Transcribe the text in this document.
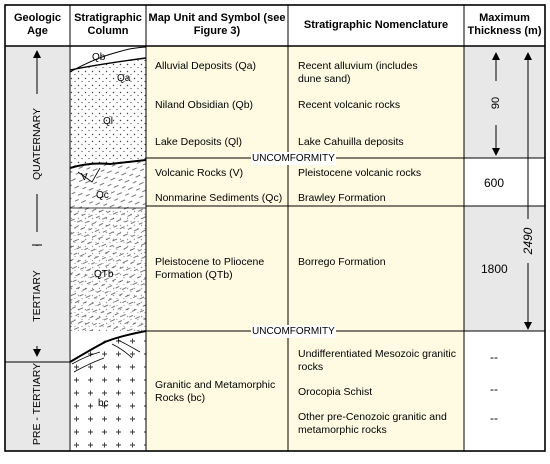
Geologic Age
Stratigraphic Column
Map Unit and Symbol (see Figure 3)	Stratigraphic Nomenclature
Maximum Thickness (m)
QUATERNARY
TERTIARY
PRE - TERTIARY
Qb
Qa
Ql
V
Qc
QTb
bc
Alluvial Deposits (Qa)
Niland Obsidian (Qb)
Lake Deposits (Ql)
Volcanic Rocks (V)
Nonmarine Sediments (Qc)
Pleistocene to Pliocene
Formation (QTb)
Granitic and Metamorphic
Rocks (bc)
Recent alluvium (includes
dune sand)
Recent volcanic rocks
Lake Cahuilla deposits
Pleistocene volcanic rocks
Brawley Formation
Borrego Formation
Undifferentiated Mesozoic granitic
rocks
Orocopia Schist
Other pre-Cenozoic granitic and
metamorphic rocks
UNCOMFORMITY
UNCOMFORMITY
90
600
1800
2490
--
--
--
